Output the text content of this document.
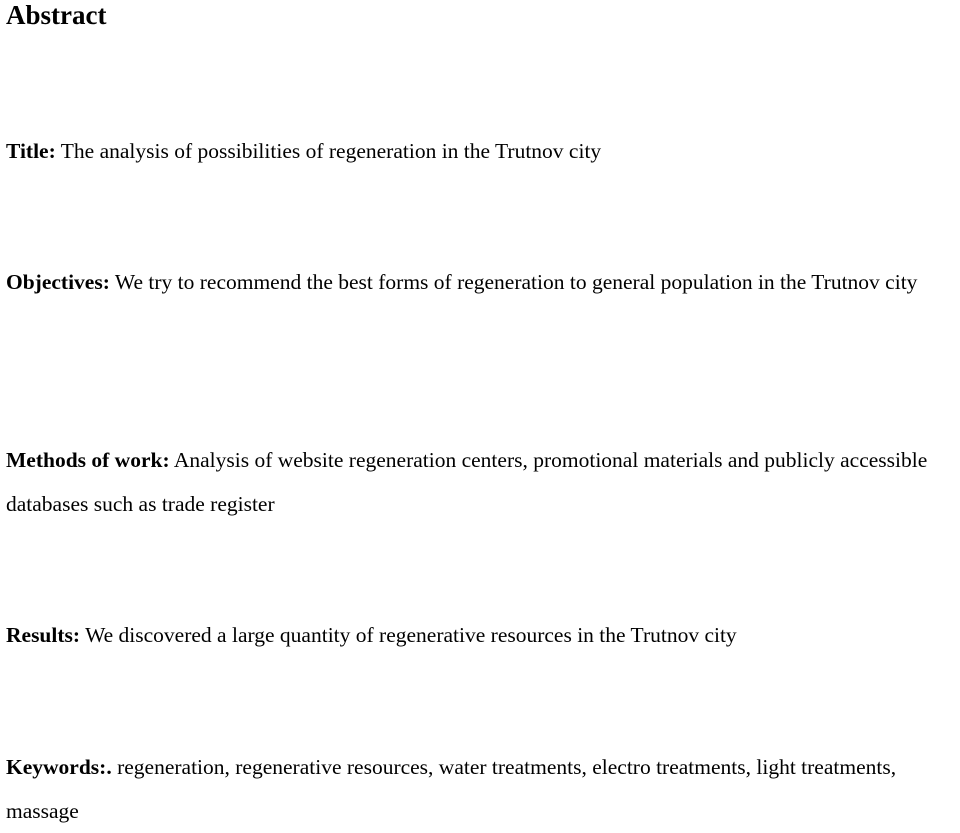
Abstract

Title: The analysis of possibilities of regeneration in the Trutnov city

Objectives: We try to recommend the best forms of regeneration to general population in the Trutnov city

Methods of work: Analysis of website regeneration centers, promotional materials and publicly accessible databases such as trade register

Results: We discovered a large quantity of regenerative resources in the Trutnov city

Keywords:. regeneration, regenerative resources, water treatments, electro treatments, light treatments, massage
